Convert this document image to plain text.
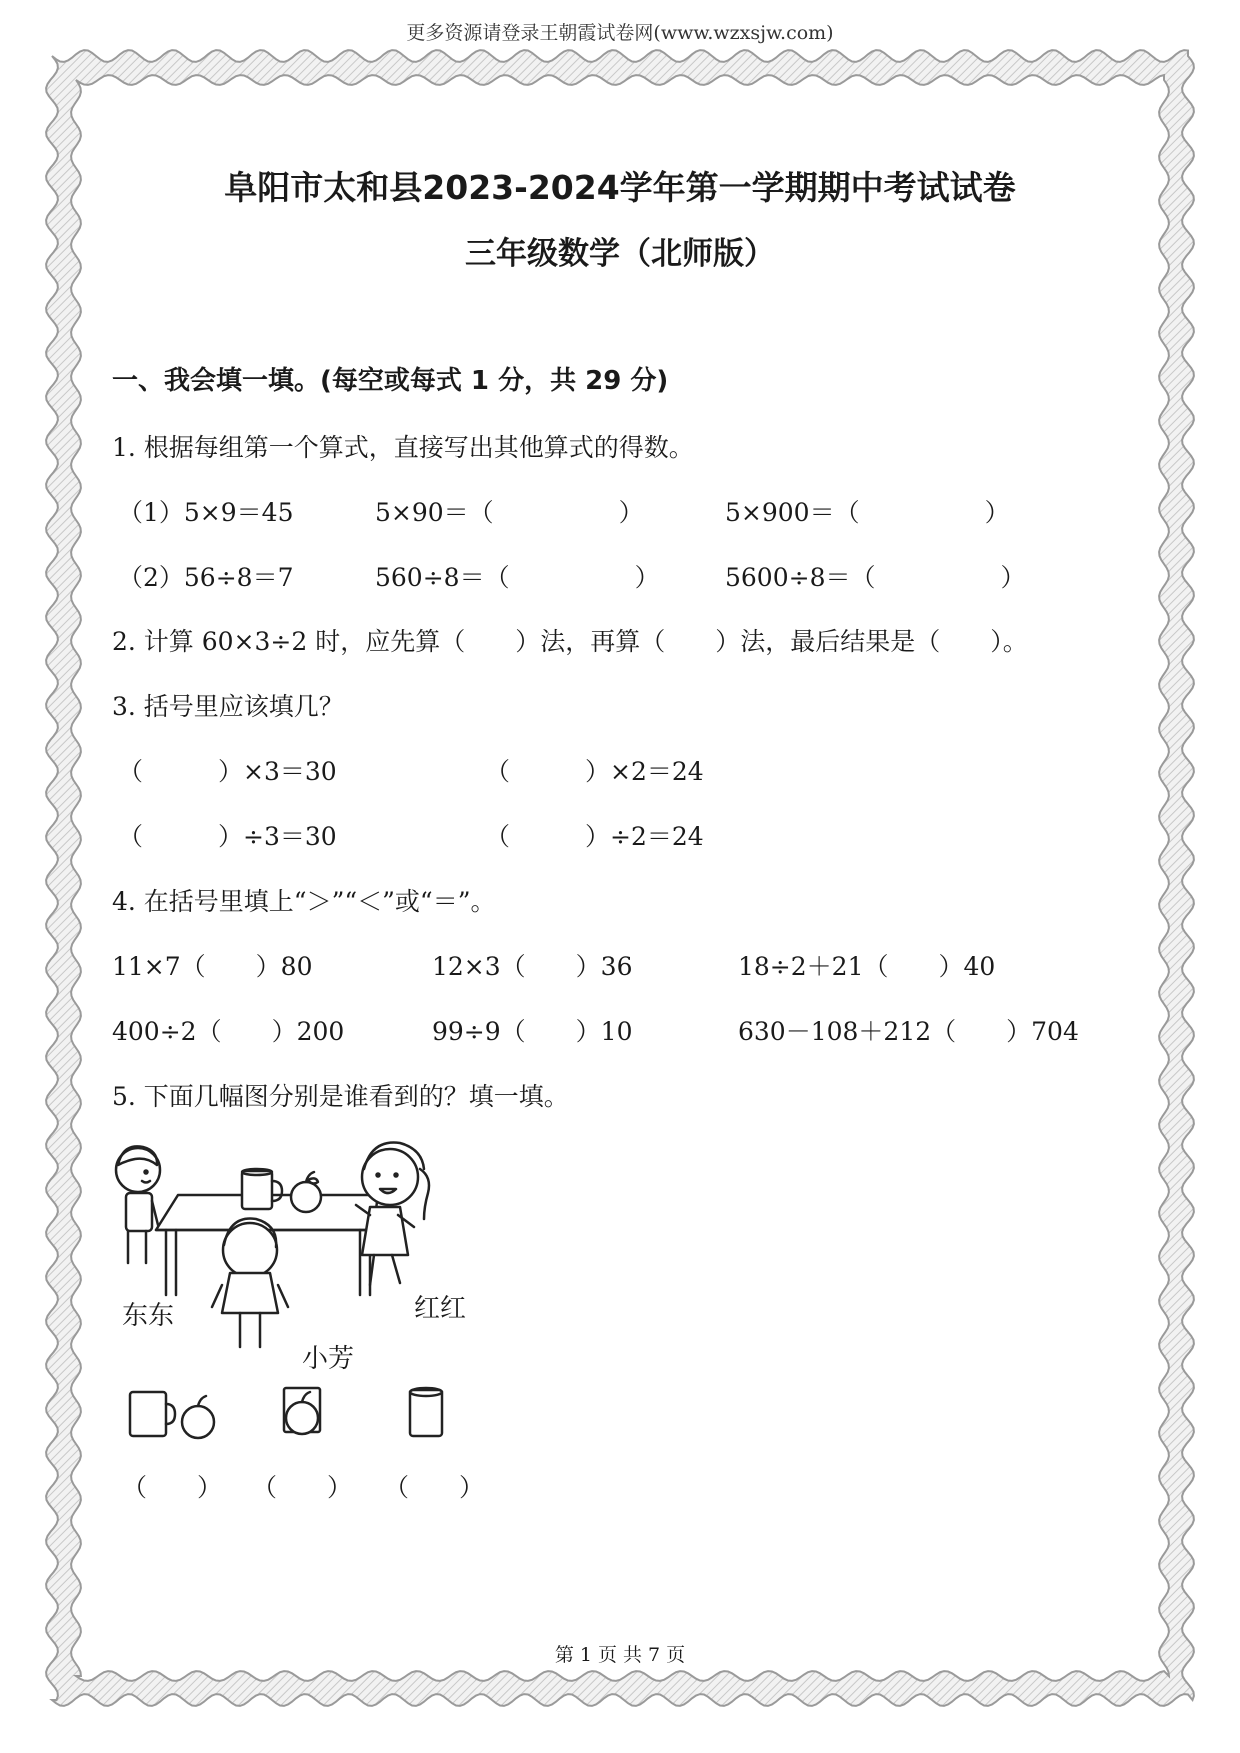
更多资源请登录王朝霞试卷网(www.wzxsjw.com)
阜阳市太和县2023-2024学年第一学期期中考试试卷
三年级数学（北师版）
一、我会填一填。(每空或每式 1 分，共 29 分)
1. 根据每组第一个算式，直接写出其他算式的得数。
（1）5×9＝45	5×90＝（　　　　　）	5×900＝（　　　　　）
（2）56÷8＝7	560÷8＝（　　　　　）	5600÷8＝（　　　　　）
2. 计算 60×3÷2 时，应先算（　　）法，再算（　　）法，最后结果是（　　）。
3. 括号里应该填几？
（　　　）×3＝30	（　　　）×2＝24
（　　　）÷3＝30	（　　　）÷2＝24
4. 在括号里填上“＞”“＜”或“＝”。
11×7（　　）80	12×3（　　）36	18÷2＋21（　　）40
400÷2（　　）200	99÷9（　　）10	630－108＋212（　　）704
5. 下面几幅图分别是谁看到的？填一填。
东东	红红
小芳
（　　） （　　） （　　）
第 1 页 共 7 页
